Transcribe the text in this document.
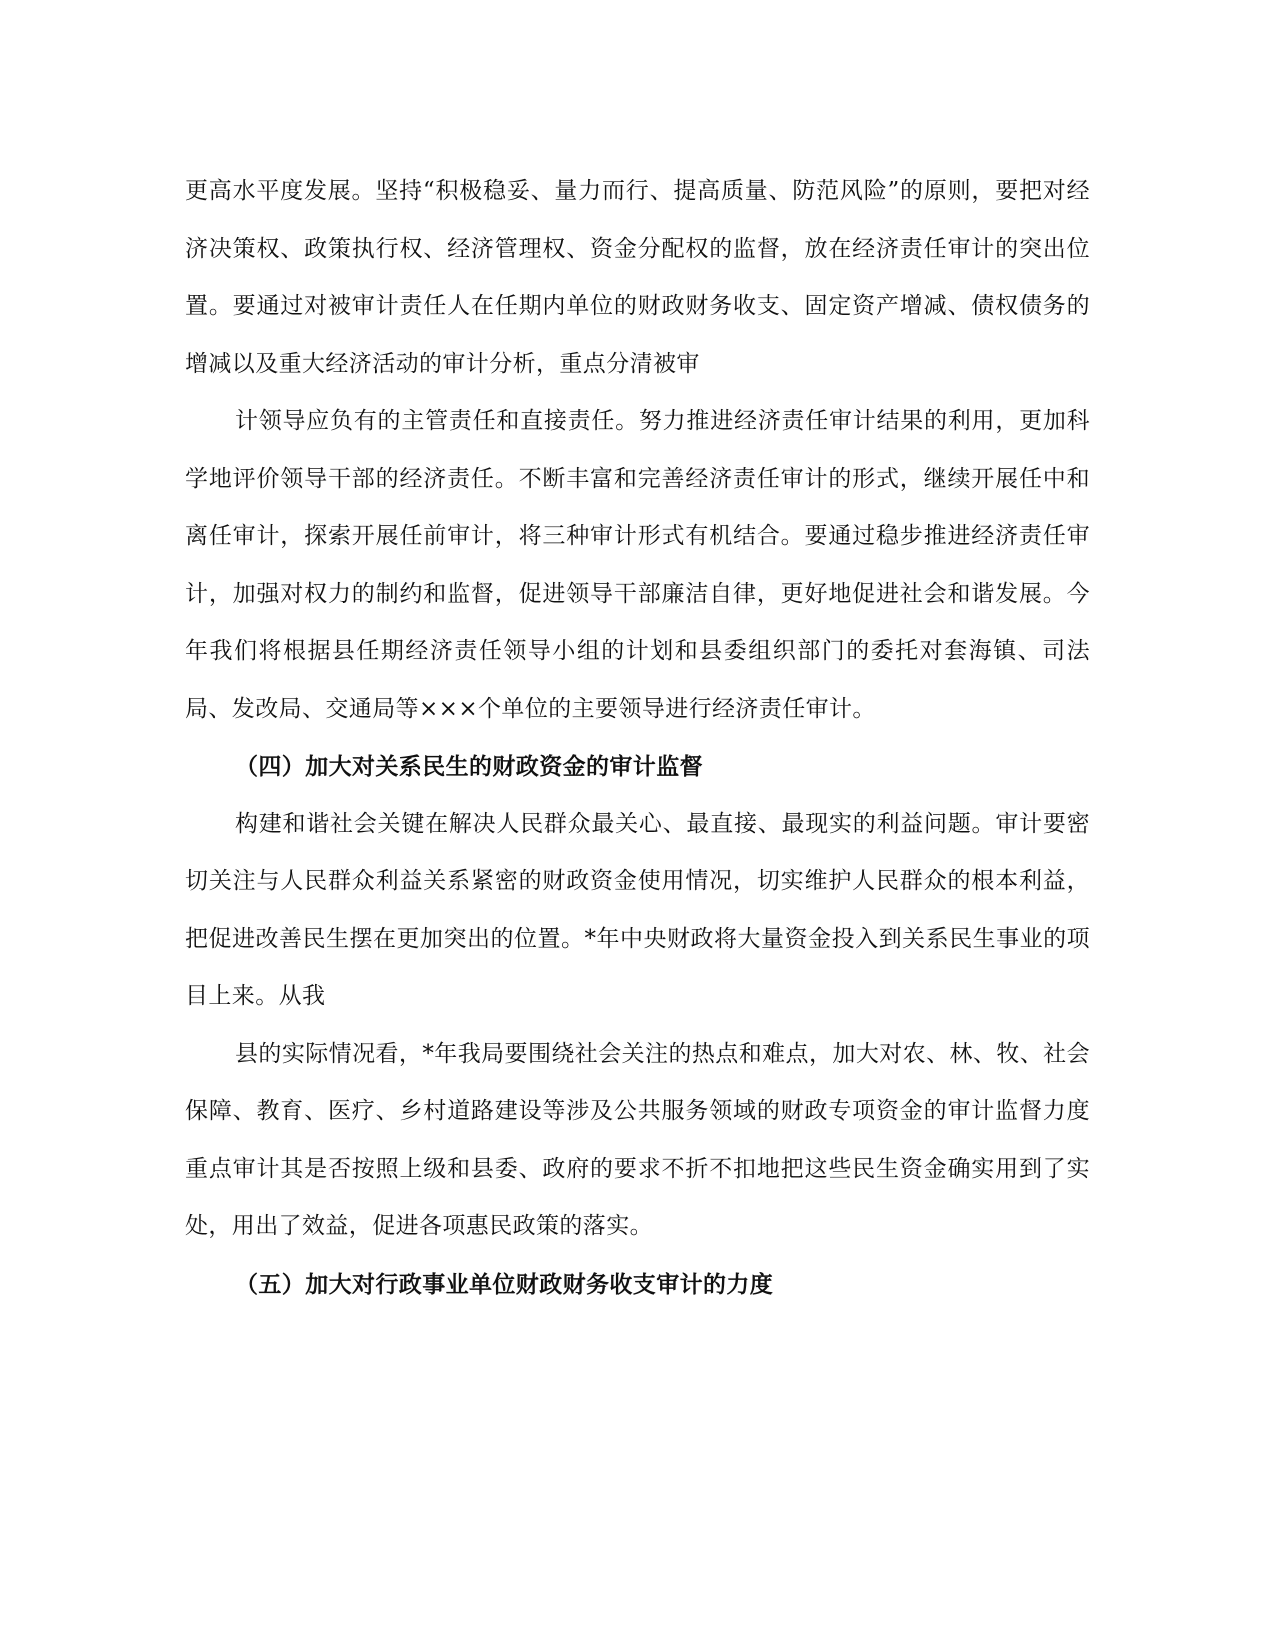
更高水平度发展。坚持“积极稳妥、量力而行、提高质量、防范风险”的原则，要把对经济决策权、政策执行权、经济管理权、资金分配权的监督，放在经济责任审计的突出位置。要通过对被审计责任人在任期内单位的财政财务收支、固定资产增减、债权债务的增减以及重大经济活动的审计分析，重点分清被审

计领导应负有的主管责任和直接责任。努力推进经济责任审计结果的利用，更加科学地评价领导干部的经济责任。不断丰富和完善经济责任审计的形式，继续开展任中和离任审计，探索开展任前审计，将三种审计形式有机结合。要通过稳步推进经济责任审计，加强对权力的制约和监督，促进领导干部廉洁自律，更好地促进社会和谐发展。今年我们将根据县任期经济责任领导小组的计划和县委组织部门的委托对套海镇、司法局、发改局、交通局等×××个单位的主要领导进行经济责任审计。

（四）加大对关系民生的财政资金的审计监督

构建和谐社会关键在解决人民群众最关心、最直接、最现实的利益问题。审计要密切关注与人民群众利益关系紧密的财政资金使用情况，切实维护人民群众的根本利益，把促进改善民生摆在更加突出的位置。*年中央财政将大量资金投入到关系民生事业的项目上来。从我

县的实际情况看，*年我局要围绕社会关注的热点和难点，加大对农、林、牧、社会保障、教育、医疗、乡村道路建设等涉及公共服务领域的财政专项资金的审计监督力度重点审计其是否按照上级和县委、政府的要求不折不扣地把这些民生资金确实用到了实处，用出了效益，促进各项惠民政策的落实。

（五）加大对行政事业单位财政财务收支审计的力度
